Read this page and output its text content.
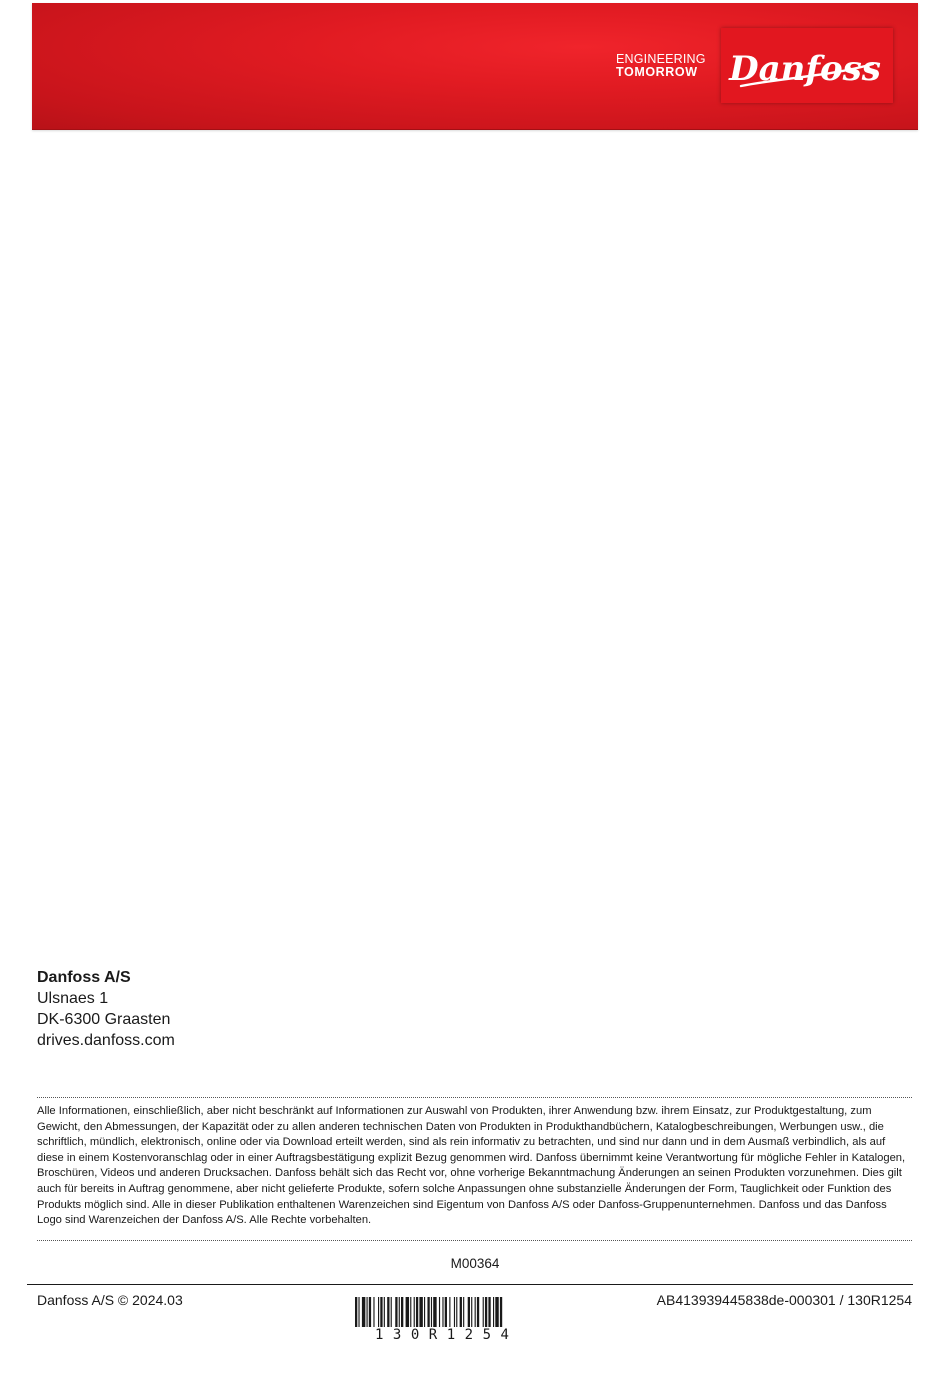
ENGINEERING
TOMORROW Danfoss
Danfoss A/S
Ulsnaes 1
DK-6300 Graasten
drives.danfoss.com
Alle Informationen, einschließlich, aber nicht beschränkt auf Informationen zur Auswahl von Produkten, ihrer Anwendung bzw. ihrem Einsatz, zur Produktgestaltung, zum Gewicht, den Abmessungen, der Kapazität oder zu allen anderen technischen Daten von Produkten in Produkthandbüchern, Katalogbeschreibungen, Werbungen usw., die schriftlich, mündlich, elektronisch, online oder via Download erteilt werden, sind als rein informativ zu betrachten, und sind nur dann und in dem Ausmaß verbindlich, als auf diese in einem Kostenvoranschlag oder in einer Auftragsbestätigung explizit Bezug genommen wird. Danfoss übernimmt keine Verantwortung für mögliche Fehler in Katalogen, Broschüren, Videos und anderen Drucksachen. Danfoss behält sich das Recht vor, ohne vorherige Bekanntmachung Änderungen an seinen Produkten vorzunehmen. Dies gilt auch für bereits in Auftrag genommene, aber nicht gelieferte Produkte, sofern solche Anpassungen ohne substanzielle Änderungen der Form, Tauglichkeit oder Funktion des Produkts möglich sind. Alle in dieser Publikation enthaltenen Warenzeichen sind Eigentum von Danfoss A/S oder Danfoss-Gruppenunternehmen. Danfoss und das Danfoss Logo sind Warenzeichen der Danfoss A/S. Alle Rechte vorbehalten.
M00364
Danfoss A/S © 2024.03
130R1254
AB413939445838de-000301 / 130R1254
